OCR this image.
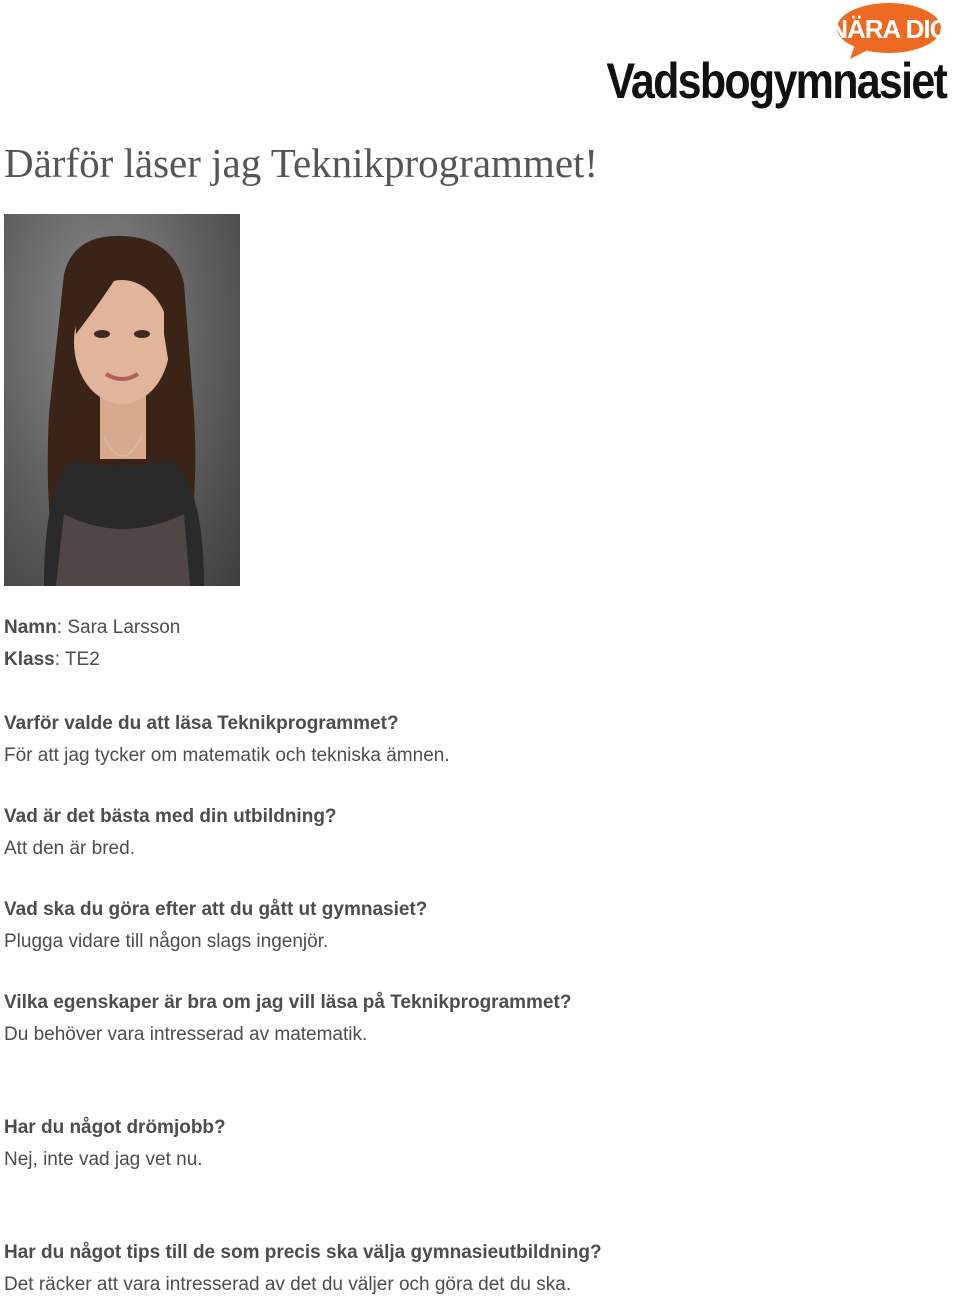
NÄRA DIG
Vadsbogymnasiet
Därför läser jag Teknikprogrammet!
Namn: Sara Larsson
Klass: TE2
Varför valde du att läsa Teknikprogrammet?
För att jag tycker om matematik och tekniska ämnen.
Vad är det bästa med din utbildning?
Att den är bred.
Vad ska du göra efter att du gått ut gymnasiet?
Plugga vidare till någon slags ingenjör.
Vilka egenskaper är bra om jag vill läsa på Teknikprogrammet?
Du behöver vara intresserad av matematik.
Har du något drömjobb?
Nej, inte vad jag vet nu.
Har du något tips till de som precis ska välja gymnasieutbildning?
Det räcker att vara intresserad av det du väljer och göra det du ska.
